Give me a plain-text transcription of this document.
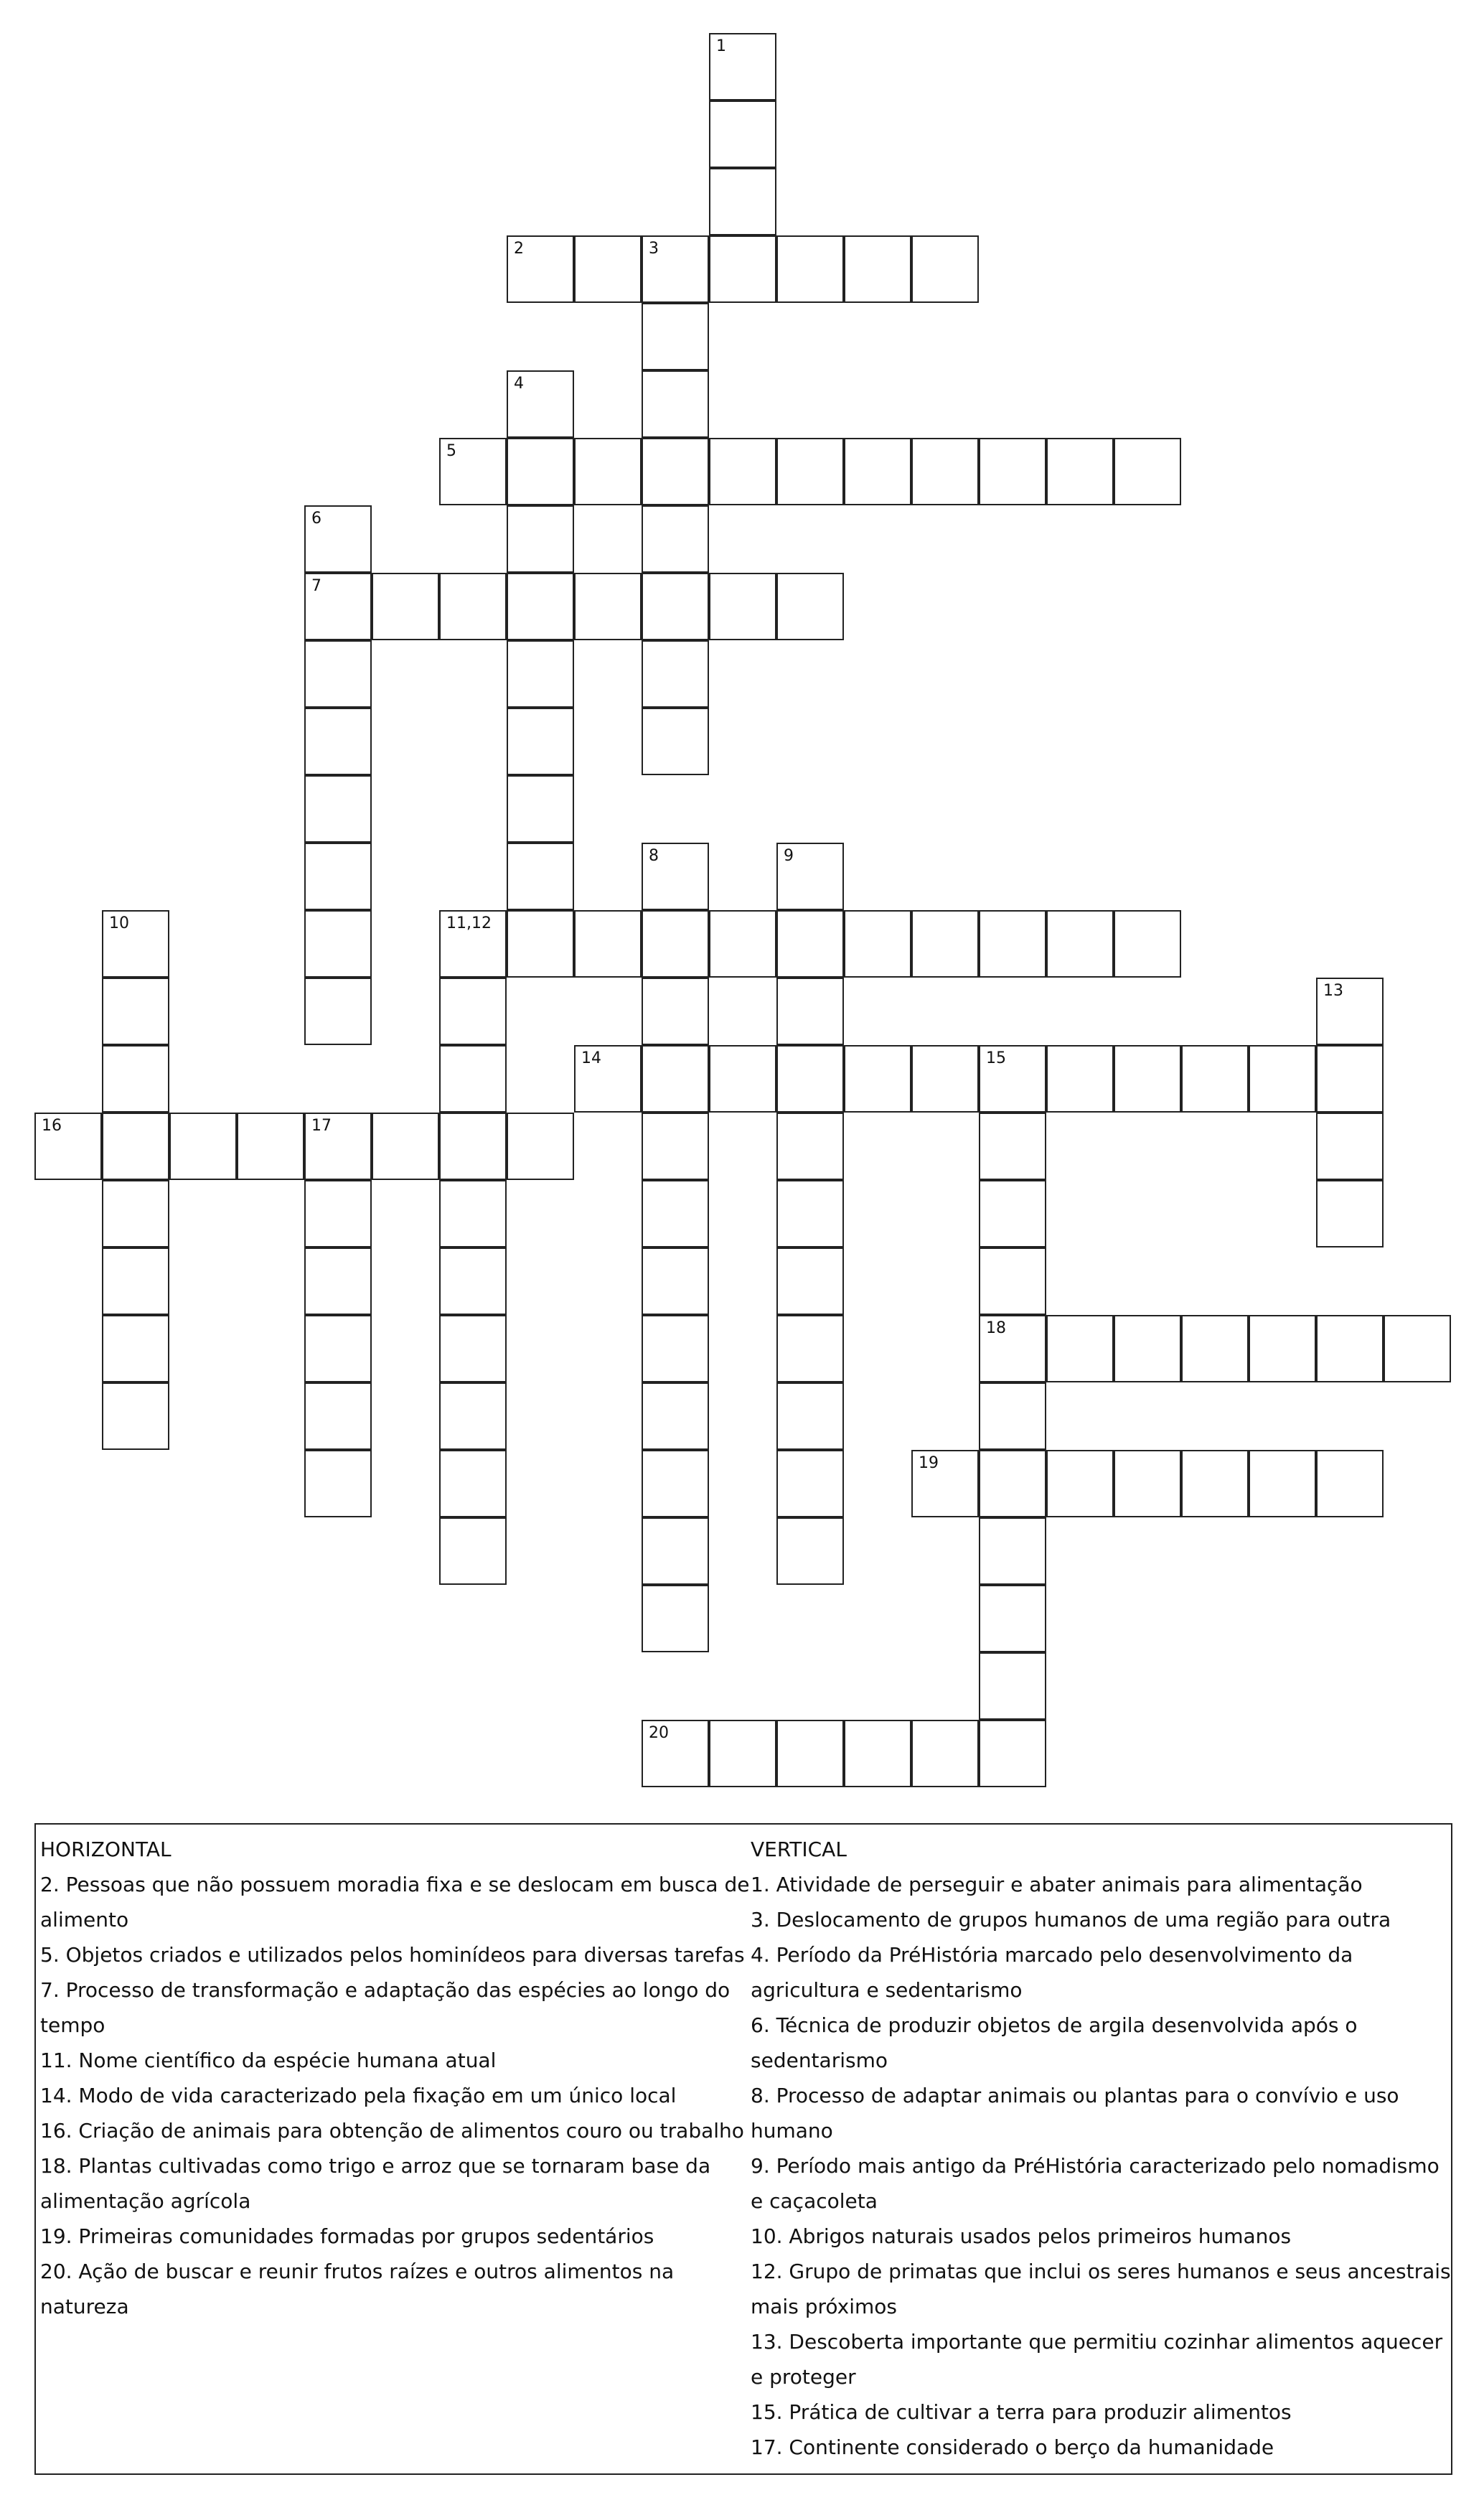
1
2	3
4
5
6
7
8	9
10	11,12
13
14	15
16	17
18
19
20
HORIZONTAL

2. Pessoas que não possuem moradia fixa e se deslocam em busca de alimento

5. Objetos criados e utilizados pelos hominídeos para diversas tarefas

7. Processo de transformação e adaptação das espécies ao longo do tempo

11. Nome científico da espécie humana atual

14. Modo de vida caracterizado pela fixação em um único local

16. Criação de animais para obtenção de alimentos couro ou trabalho

18. Plantas cultivadas como trigo e arroz que se tornaram base da alimentação agrícola

19. Primeiras comunidades formadas por grupos sedentários

20. Ação de buscar e reunir frutos raízes e outros alimentos na natureza

VERTICAL

1. Atividade de perseguir e abater animais para alimentação

3. Deslocamento de grupos humanos de uma região para outra

4. Período da PréHistória marcado pelo desenvolvimento da agricultura e sedentarismo

6. Técnica de produzir objetos de argila desenvolvida após o sedentarismo

8. Processo de adaptar animais ou plantas para o convívio e uso humano

9. Período mais antigo da PréHistória caracterizado pelo nomadismo e caçacoleta

10. Abrigos naturais usados pelos primeiros humanos

12. Grupo de primatas que inclui os seres humanos e seus ancestrais mais próximos

13. Descoberta importante que permitiu cozinhar alimentos aquecer e proteger

15. Prática de cultivar a terra para produzir alimentos

17. Continente considerado o berço da humanidade
